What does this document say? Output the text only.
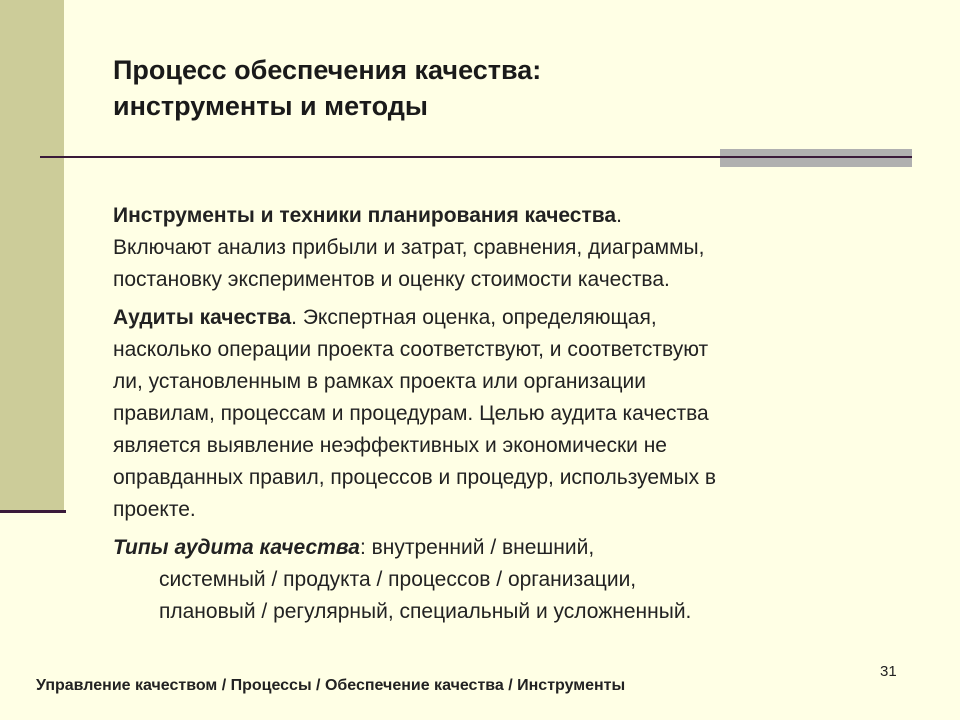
Процесс обеспечения качества:
инструменты и методы
Инструменты и техники планирования качества.
Включают анализ прибыли и затрат, сравнения, диаграммы,
постановку экспериментов и оценку стоимости качества.
Аудиты качества. Экспертная оценка, определяющая,
насколько операции проекта соответствуют, и соответствуют
ли, установленным в рамках проекта или организации
правилам, процессам и процедурам. Целью аудита качества
является выявление неэффективных и экономически не
оправданных правил, процессов и процедур, используемых в
проекте.
Типы аудита качества: внутренний / внешний,
системный / продукта / процессов / организации,
плановый / регулярный, специальный и усложненный.
31
Управление качеством / Процессы / Обеспечение качества / Инструменты
